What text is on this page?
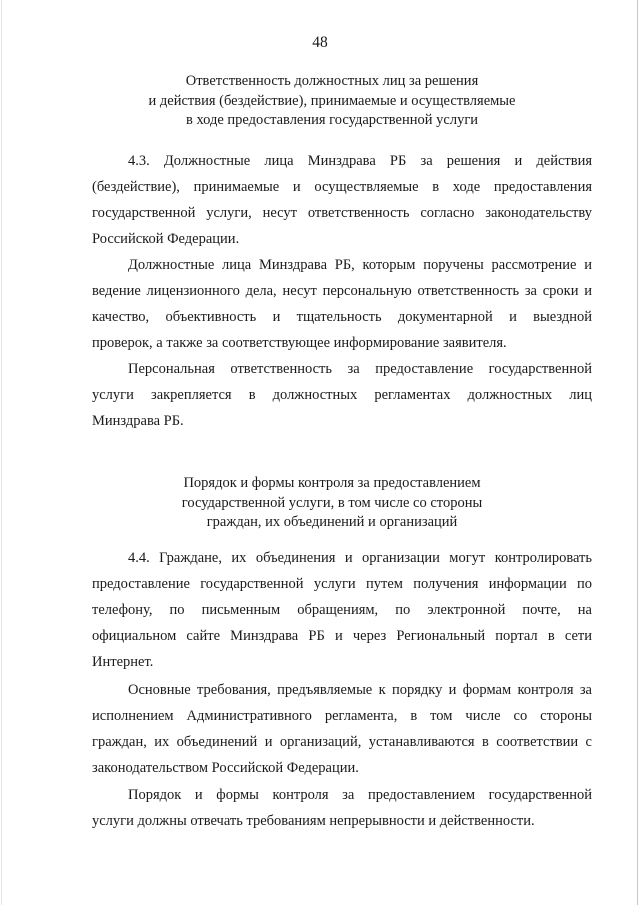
48
Ответственность должностных лиц за решения
и действия (бездействие), принимаемые и осуществляемые
в ходе предоставления государственной услуги
4.3. Должностные лица Минздрава РБ за решения и действия
(бездействие), принимаемые и осуществляемые в ходе предоставления
государственной услуги, несут ответственность согласно законодательству
Российской Федерации.
Должностные лица Минздрава РБ, которым поручены рассмотрение и
ведение лицензионного дела, несут персональную ответственность за сроки и
качество, объективность и тщательность документарной и выездной
проверок, а также за соответствующее информирование заявителя.
Персональная ответственность за предоставление государственной
услуги закрепляется в должностных регламентах должностных лиц
Минздрава РБ.
Порядок и формы контроля за предоставлением
государственной услуги, в том числе со стороны
граждан, их объединений и организаций
4.4. Граждане, их объединения и организации могут контролировать
предоставление государственной услуги путем получения информации по
телефону, по письменным обращениям, по электронной почте, на
официальном сайте Минздрава РБ и через Региональный портал в сети
Интернет.
Основные требования, предъявляемые к порядку и формам контроля за
исполнением Административного регламента, в том числе со стороны
граждан, их объединений и организаций, устанавливаются в соответствии с
законодательством Российской Федерации.
Порядок и формы контроля за предоставлением государственной
услуги должны отвечать требованиям непрерывности и действенности.
